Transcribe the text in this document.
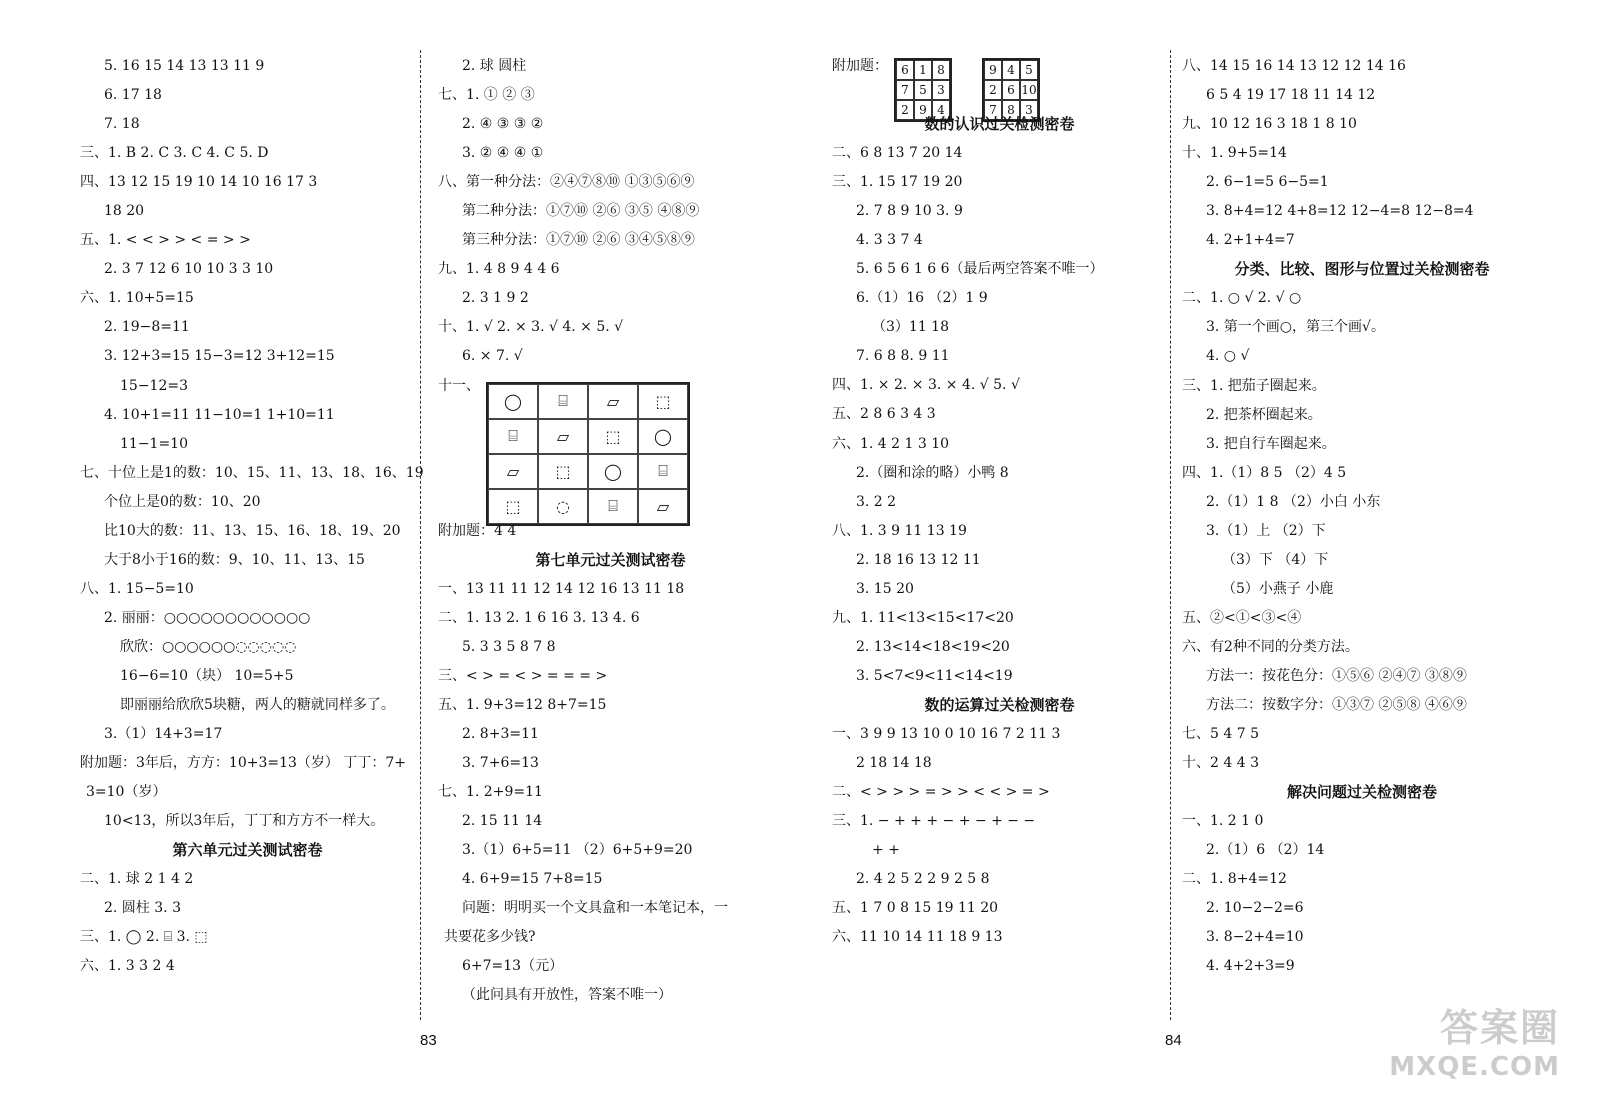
5. 16 15 14 13 13 11 9
6. 17 18
7. 18
三、1. B 2. C 3. C 4. C 5. D
四、13 12 15 19 10 14 10 16 17 3
18 20
五、1. < < > > < = > >
2. 3 7 12 6 10 10 3 3 10
六、1. 10+5=15
2. 19−8=11
3. 12+3=15 15−3=12 3+12=15
15−12=3
4. 10+1=11 11−10=1 1+10=11
11−1=10
七、十位上是1的数：10、15、11、13、18、16、19
个位上是0的数：10、20
比10大的数：11、13、15、16、18、19、20
大于8小于16的数：9、10、11、13、15
八、1. 15−5=10
2. 丽丽：○○○○○○○○○○○○
欣欣：○○○○○○◌◌◌◌◌
16−6=10（块） 10=5+5
即丽丽给欣欣5块糖，两人的糖就同样多了。
3.（1）14+3=17
附加题：3年后，方方：10+3=13（岁） 丁丁：7+
3=10（岁）
10<13，所以3年后，丁丁和方方不一样大。
第六单元过关测试密卷
二、1. 球 2 1 4 2
2. 圆柱 3. 3
三、1. ◯ 2. ⌸ 3. ⬚
六、1. 3 3 2 4
2. 球 圆柱
七、1. ① ② ③
2. ④ ③ ③ ②
3. ② ④ ④ ①
八、第一种分法：②④⑦⑧⑩ ①③⑤⑥⑨
第二种分法：①⑦⑩ ②⑥ ③⑤ ④⑧⑨
第三种分法：①⑦⑩ ②⑥ ③④⑤⑧⑨
九、1. 4 8 9 4 4 6
2. 3 1 9 2
十、1. √ 2. × 3. √ 4. × 5. √
6. × 7. √
十一、
◯	⌸	▱	⬚
⌸	▱	⬚	◯
▱	⬚	◯	⌸
⬚	◌	⌸	▱
附加题：4 4
第七单元过关测试密卷
一、13 11 11 12 14 12 16 13 11 18
二、1. 13 2. 1 6 16 3. 13 4. 6
5. 3 3 5 8 7 8
三、< > = < > = = = >
五、1. 9+3=12 8+7=15
2. 8+3=11
3. 7+6=13
七、1. 2+9=11
2. 15 11 14
3.（1）6+5=11 （2）6+5+9=20
4. 6+9=15 7+8=15
问题：明明买一个文具盒和一本笔记本，一
共要花多少钱?
6+7=13（元）
（此问具有开放性，答案不唯一）
83
附加题：	6 1 8
7 5 3
2 9 4
9 4 5
2 6 10
7 8 3
数的认识过关检测密卷
二、6 8 13 7 20 14
三、1. 15 17 19 20
2. 7 8 9 10 3. 9
4. 3 3 7 4
5. 6 5 6 1 6 6（最后两空答案不唯一）
6.（1）16 （2）1 9
（3）11 18
7. 6 8 8. 9 11
四、1. × 2. × 3. × 4. √ 5. √
五、2 8 6 3 4 3
六、1. 4 2 1 3 10
2.（圈和涂的略）小鸭 8
3. 2 2
八、1. 3 9 11 13 19
2. 18 16 13 12 11
3. 15 20
九、1. 11<13<15<17<20
2. 13<14<18<19<20
3. 5<7<9<11<14<19
数的运算过关检测密卷
一、3 9 9 13 10 0 10 16 7 2 11 3
2 18 14 18
二、< > > > = > > < < > = >
三、1. − + + + − + − + − −
+ +
2. 4 2 5 2 2 9 2 5 8
五、1 7 0 8 15 19 11 20
六、11 10 14 11 18 9 13
八、14 15 16 14 13 12 12 14 16
6 5 4 19 17 18 11 14 12
九、10 12 16 3 18 1 8 10
十、1. 9+5=14
2. 6−1=5 6−5=1
3. 8+4=12 4+8=12 12−4=8 12−8=4
4. 2+1+4=7
分类、比较、图形与位置过关检测密卷
二、1. ○ √ 2. √ ○
3. 第一个画○，第三个画√。
4. ○ √
三、1. 把茄子圈起来。
2. 把茶杯圈起来。
3. 把自行车圈起来。
四、1.（1）8 5 （2）4 5
2.（1）1 8 （2）小白 小东
3.（1）上 （2）下
（3）下 （4）下
（5）小燕子 小鹿
五、②<①<③<④
六、有2种不同的分类方法。
方法一：按花色分：①⑤⑥ ②④⑦ ③⑧⑨
方法二：按数字分：①③⑦ ②⑤⑧ ④⑥⑨
七、5 4 7 5
十、2 4 4 3
解决问题过关检测密卷
一、1. 2 1 0
2.（1）6 （2）14
二、1. 8+4=12
2. 10−2−2=6
3. 8−2+4=10
4. 4+2+3=9
84	答案圈
MXQE.COM
